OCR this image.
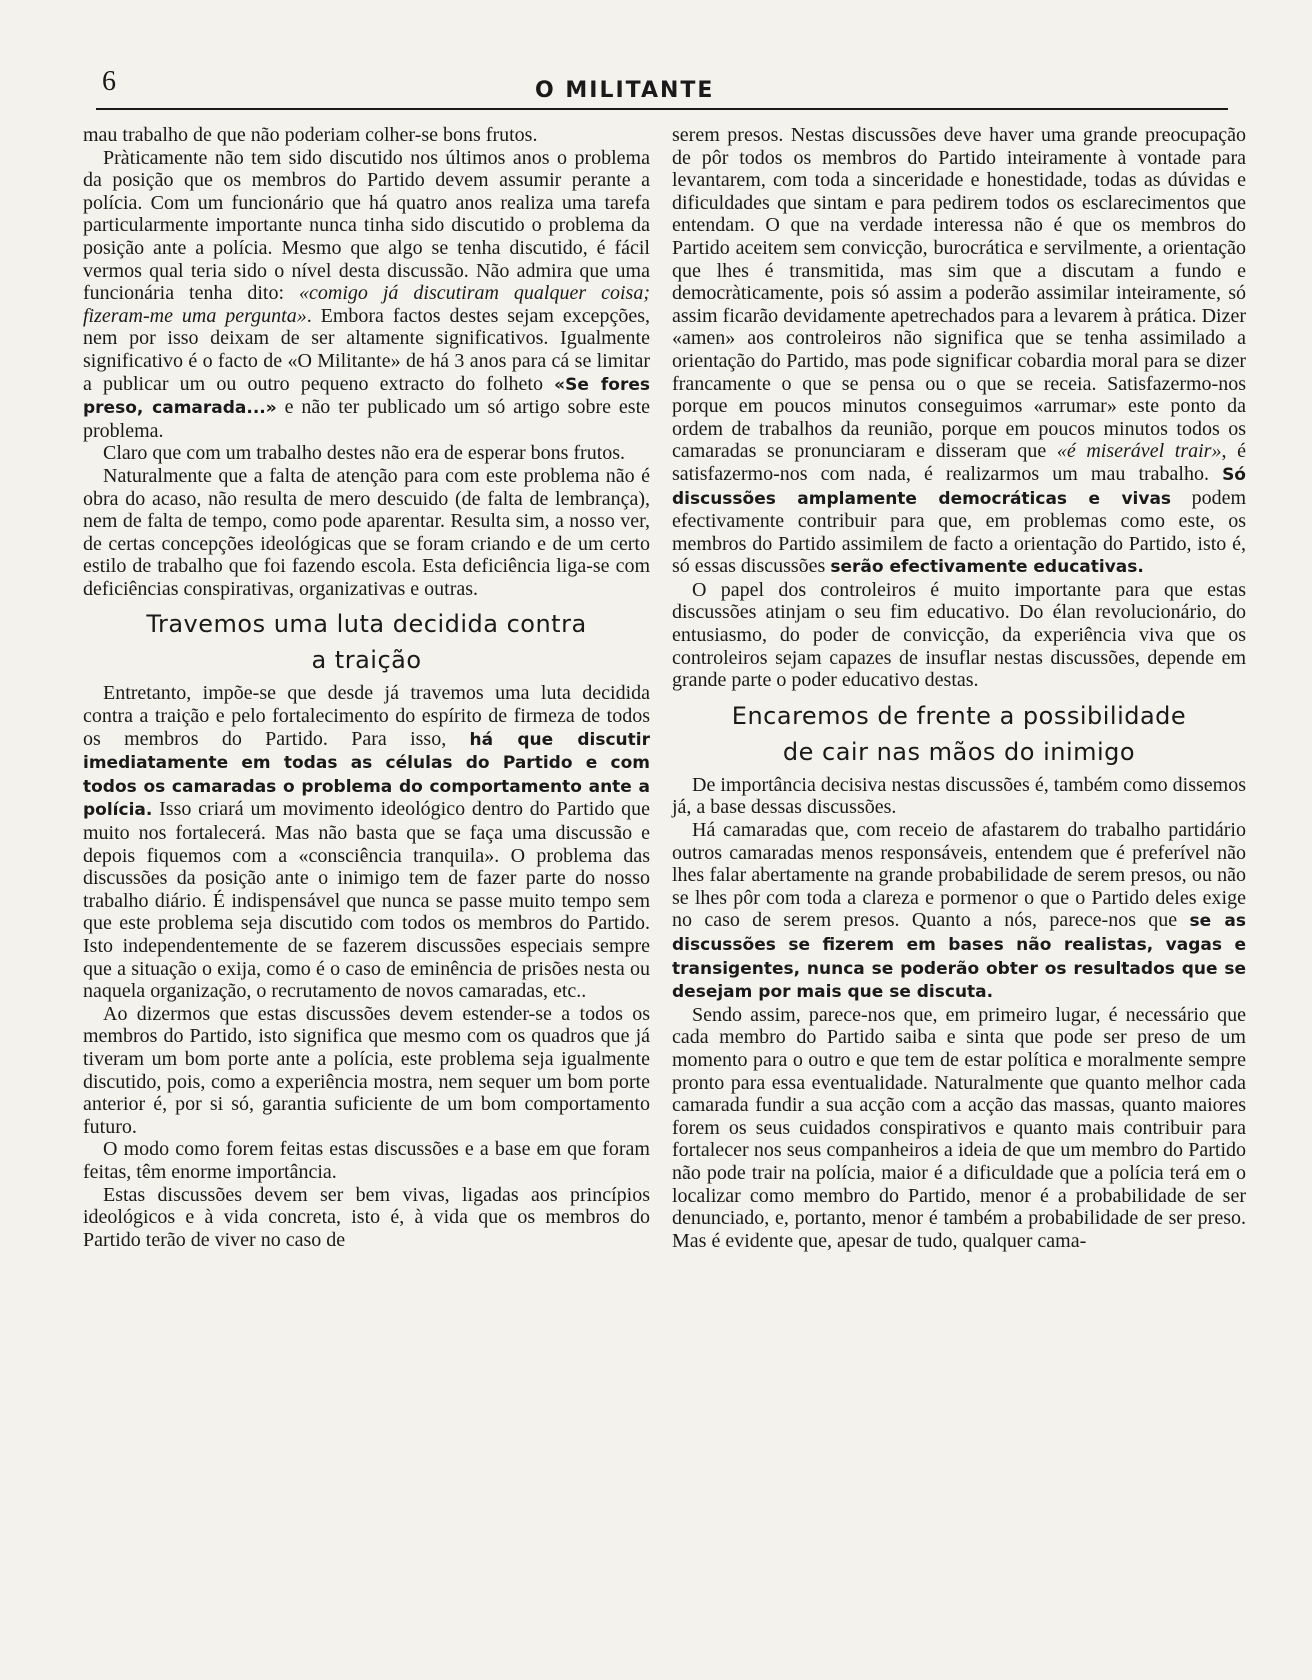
6	O MILITANTE

mau trabalho de que não poderiam colher-se bons frutos.

Pràticamente não tem sido discutido nos últimos anos o problema da posição que os membros do Partido devem assumir perante a polícia. Com um funcionário que há quatro anos realiza uma tarefa particularmente importante nunca tinha sido discutido o problema da posição ante a polícia. Mesmo que algo se tenha discutido, é fácil vermos qual teria sido o nível desta discussão. Não admira que uma funcionária tenha dito: «comigo já discutiram qualquer coisa; fizeram-me uma pergunta». Embora factos destes sejam excepções, nem por isso deixam de ser altamente significativos. Igualmente significativo é o facto de «O Militante» de há 3 anos para cá se limitar a publicar um ou outro pequeno extracto do folheto «Se fores preso, camarada...» e não ter publicado um só artigo sobre este problema.

Claro que com um trabalho destes não era de esperar bons frutos.

Naturalmente que a falta de atenção para com este problema não é obra do acaso, não resulta de mero descuido (de falta de lembrança), nem de falta de tempo, como pode aparentar. Resulta sim, a nosso ver, de certas concepções ideológicas que se foram criando e de um certo estilo de trabalho que foi fazendo escola. Esta deficiência liga-se com deficiências conspirativas, organizativas e outras.

Travemos uma luta decidida contra
a traição

Entretanto, impõe-se que desde já travemos uma luta decidida contra a traição e pelo fortalecimento do espírito de firmeza de todos os membros do Partido. Para isso, há que discutir imediatamente em todas as células do Partido e com todos os camaradas o problema do comportamento ante a polícia. Isso criará um movimento ideológico dentro do Partido que muito nos fortalecerá. Mas não basta que se faça uma discussão e depois fiquemos com a «consciência tranquila». O problema das discussões da posição ante o inimigo tem de fazer parte do nosso trabalho diário. É indispensável que nunca se passe muito tempo sem que este problema seja discutido com todos os membros do Partido. Isto independentemente de se fazerem discussões especiais sempre que a situação o exija, como é o caso de eminência de prisões nesta ou naquela organização, o recrutamento de novos camaradas, etc..

Ao dizermos que estas discussões devem estender-se a todos os membros do Partido, isto significa que mesmo com os quadros que já tiveram um bom porte ante a polícia, este problema seja igualmente discutido, pois, como a experiência mostra, nem sequer um bom porte anterior é, por si só, garantia suficiente de um bom comportamento futuro.

O modo como forem feitas estas discussões e a base em que foram feitas, têm enorme importância.

Estas discussões devem ser bem vivas, ligadas aos princípios ideológicos e à vida concreta, isto é, à vida que os membros do Partido terão de viver no caso de

serem presos. Nestas discussões deve haver uma grande preocupação de pôr todos os membros do Partido inteiramente à vontade para levantarem, com toda a sinceridade e honestidade, todas as dúvidas e dificuldades que sintam e para pedirem todos os esclarecimentos que entendam. O que na verdade interessa não é que os membros do Partido aceitem sem convicção, burocrática e servilmente, a orientação que lhes é transmitida, mas sim que a discutam a fundo e democràticamente, pois só assim a poderão assimilar inteiramente, só assim ficarão devidamente apetrechados para a levarem à prática. Dizer «amen» aos controleiros não significa que se tenha assimilado a orientação do Partido, mas pode significar cobardia moral para se dizer francamente o que se pensa ou o que se receia. Satisfazermo-nos porque em poucos minutos conseguimos «arrumar» este ponto da ordem de trabalhos da reunião, porque em poucos minutos todos os camaradas se pronunciaram e disseram que «é miserável trair», é satisfazermo-nos com nada, é realizarmos um mau trabalho. Só discussões amplamente democráticas e vivas podem efectivamente contribuir para que, em problemas como este, os membros do Partido assimilem de facto a orientação do Partido, isto é, só essas discussões serão efectivamente educativas.

O papel dos controleiros é muito importante para que estas discussões atinjam o seu fim educativo. Do élan revolucionário, do entusiasmo, do poder de convicção, da experiência viva que os controleiros sejam capazes de insuflar nestas discussões, depende em grande parte o poder educativo destas.

Encaremos de frente a possibilidade
de cair nas mãos do inimigo

De importância decisiva nestas discussões é, também como dissemos já, a base dessas discussões.

Há camaradas que, com receio de afastarem do trabalho partidário outros camaradas menos responsáveis, entendem que é preferível não lhes falar abertamente na grande probabilidade de serem presos, ou não se lhes pôr com toda a clareza e pormenor o que o Partido deles exige no caso de serem presos. Quanto a nós, parece-nos que se as discussões se fizerem em bases não realistas, vagas e transigentes, nunca se poderão obter os resultados que se desejam por mais que se discuta.

Sendo assim, parece-nos que, em primeiro lugar, é necessário que cada membro do Partido saiba e sinta que pode ser preso de um momento para o outro e que tem de estar política e moralmente sempre pronto para essa eventualidade. Naturalmente que quanto melhor cada camarada fundir a sua acção com a acção das massas, quanto maiores forem os seus cuidados conspirativos e quanto mais contribuir para fortalecer nos seus companheiros a ideia de que um membro do Partido não pode trair na polícia, maior é a dificuldade que a polícia terá em o localizar como membro do Partido, menor é a probabilidade de ser denunciado, e, portanto, menor é também a probabilidade de ser preso. Mas é evidente que, apesar de tudo, qualquer cama-
